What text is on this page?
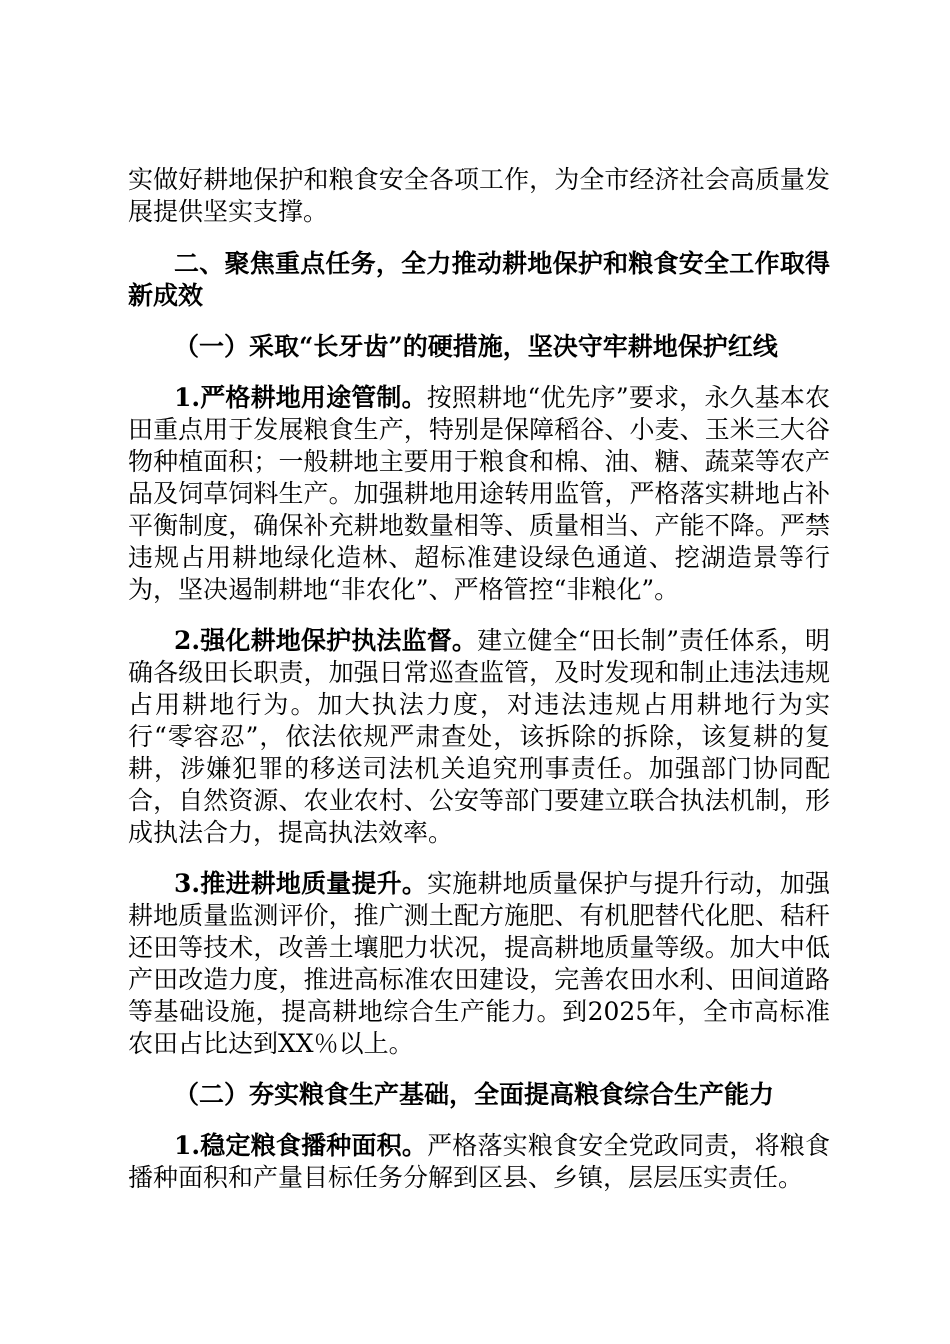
实做好耕地保护和粮食安全各项工作，为全市经济社会高质量发展提供坚实支撑。

二、聚焦重点任务，全力推动耕地保护和粮食安全工作取得新成效

（一）采取“长牙齿”的硬措施，坚决守牢耕地保护红线

1.严格耕地用途管制。按照耕地“优先序”要求，永久基本农田重点用于发展粮食生产，特别是保障稻谷、小麦、玉米三大谷物种植面积；一般耕地主要用于粮食和棉、油、糖、蔬菜等农产品及饲草饲料生产。加强耕地用途转用监管，严格落实耕地占补平衡制度，确保补充耕地数量相等、质量相当、产能不降。严禁违规占用耕地绿化造林、超标准建设绿色通道、挖湖造景等行为，坚决遏制耕地“非农化”、严格管控“非粮化”。

2.强化耕地保护执法监督。建立健全“田长制”责任体系，明确各级田长职责，加强日常巡查监管，及时发现和制止违法违规占用耕地行为。加大执法力度，对违法违规占用耕地行为实行“零容忍”，依法依规严肃查处，该拆除的拆除，该复耕的复耕，涉嫌犯罪的移送司法机关追究刑事责任。加强部门协同配合，自然资源、农业农村、公安等部门要建立联合执法机制，形成执法合力，提高执法效率。

3.推进耕地质量提升。实施耕地质量保护与提升行动，加强耕地质量监测评价，推广测土配方施肥、有机肥替代化肥、秸秆还田等技术，改善土壤肥力状况，提高耕地质量等级。加大中低产田改造力度，推进高标准农田建设，完善农田水利、田间道路等基础设施，提高耕地综合生产能力。到2025年，全市高标准农田占比达到XX％以上。

（二）夯实粮食生产基础，全面提高粮食综合生产能力

1.稳定粮食播种面积。严格落实粮食安全党政同责，将粮食播种面积和产量目标任务分解到区县、乡镇，层层压实责任。
